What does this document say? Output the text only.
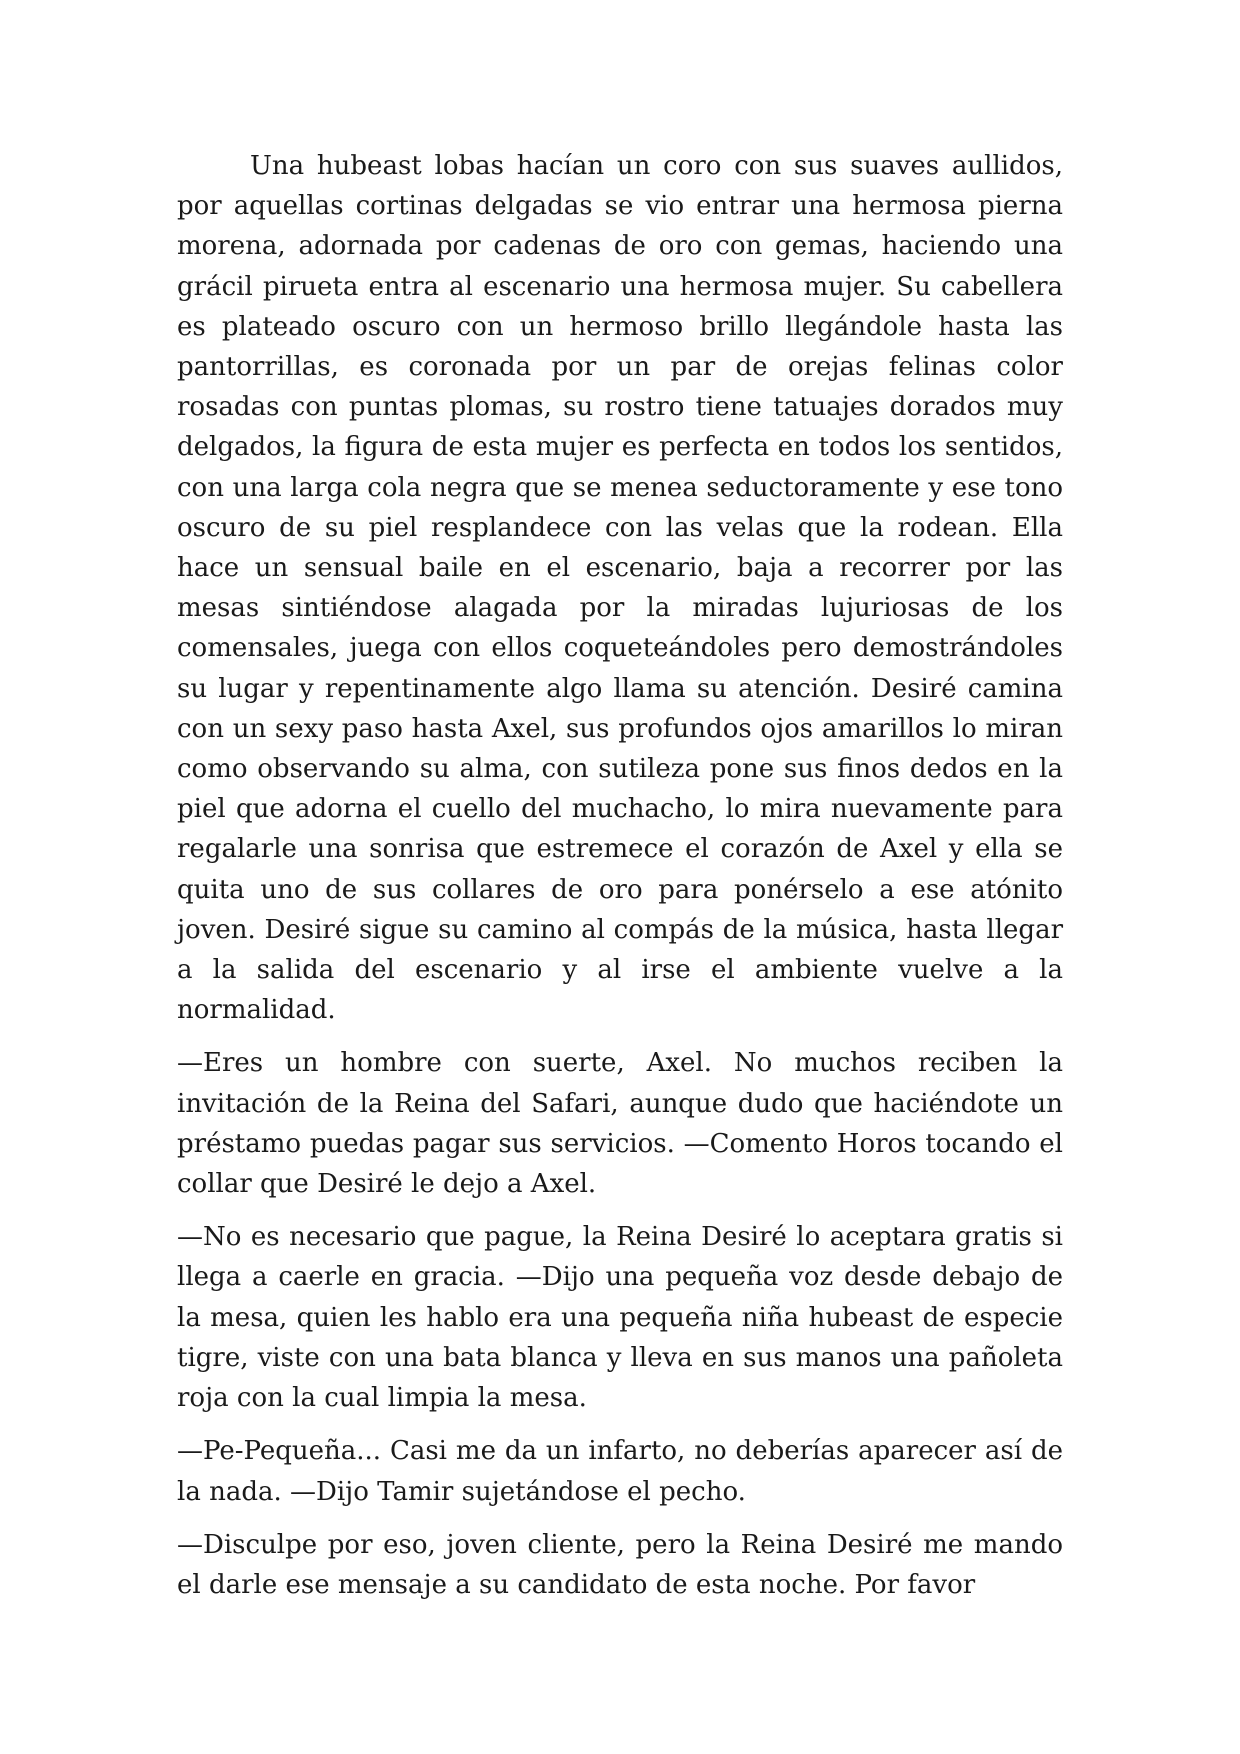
Una hubeast lobas hacían un coro con sus suaves aullidos, por aquellas cortinas delgadas se vio entrar una hermosa pierna morena, adornada por cadenas de oro con gemas, haciendo una grácil pirueta entra al escenario una hermosa mujer. Su cabellera es plateado oscuro con un hermoso brillo llegándole hasta las pantorrillas, es coronada por un par de orejas felinas color rosadas con puntas plomas, su rostro tiene tatuajes dorados muy delgados, la figura de esta mujer es perfecta en todos los sentidos, con una larga cola negra que se menea seductoramente y ese tono oscuro de su piel resplandece con las velas que la rodean. Ella hace un sensual baile en el escenario, baja a recorrer por las mesas sintiéndose alagada por la miradas lujuriosas de los comensales, juega con ellos coqueteándoles pero demostrándoles su lugar y repentinamente algo llama su atención. Desiré camina con un sexy paso hasta Axel, sus profundos ojos amarillos lo miran como observando su alma, con sutileza pone sus finos dedos en la piel que adorna el cuello del muchacho, lo mira nuevamente para regalarle una sonrisa que estremece el corazón de Axel y ella se quita uno de sus collares de oro para ponérselo a ese atónito joven. Desiré sigue su camino al compás de la música, hasta llegar a la salida del escenario y al irse el ambiente vuelve a la normalidad.

—Eres un hombre con suerte, Axel. No muchos reciben la invitación de la Reina del Safari, aunque dudo que haciéndote un préstamo puedas pagar sus servicios. —Comento Horos tocando el collar que Desiré le dejo a Axel.

—No es necesario que pague, la Reina Desiré lo aceptara gratis si llega a caerle en gracia. —Dijo una pequeña voz desde debajo de la mesa, quien les hablo era una pequeña niña hubeast de especie tigre, viste con una bata blanca y lleva en sus manos una pañoleta roja con la cual limpia la mesa.

—Pe-Pequeña... Casi me da un infarto, no deberías aparecer así de la nada. —Dijo Tamir sujetándose el pecho.

—Disculpe por eso, joven cliente, pero la Reina Desiré me mando el darle ese mensaje a su candidato de esta noche. Por favor
